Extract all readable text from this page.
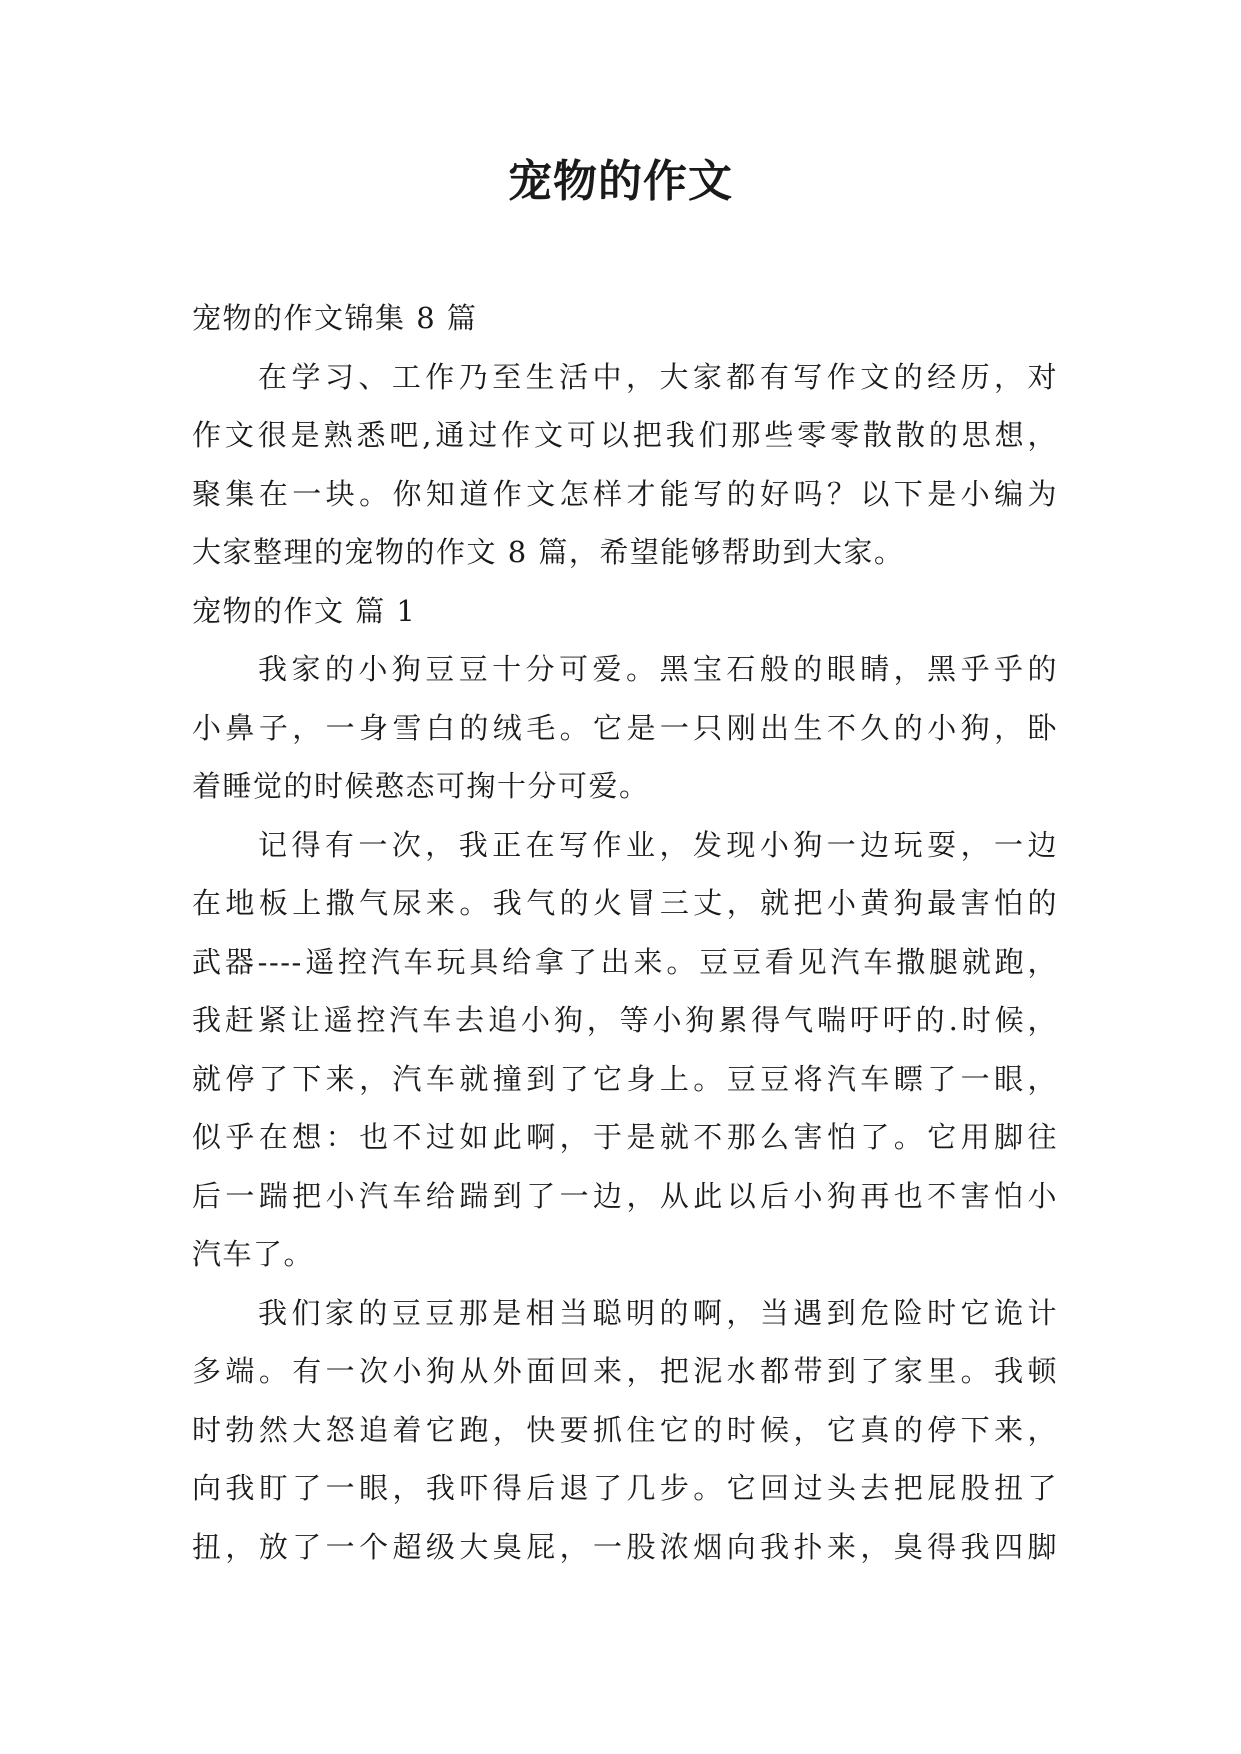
宠物的作文

宠物的作文锦集 8 篇

在学习、工作乃至生活中，大家都有写作文的经历，对

作文很是熟悉吧,通过作文可以把我们那些零零散散的思想，

聚集在一块。你知道作文怎样才能写的好吗？以下是小编为

大家整理的宠物的作文 8 篇，希望能够帮助到大家。

宠物的作文 篇 1

我家的小狗豆豆十分可爱。黑宝石般的眼睛，黑乎乎的

小鼻子，一身雪白的绒毛。它是一只刚出生不久的小狗，卧

着睡觉的时候憨态可掬十分可爱。

记得有一次，我正在写作业，发现小狗一边玩耍，一边

在地板上撒气尿来。我气的火冒三丈，就把小黄狗最害怕的

武器----遥控汽车玩具给拿了出来。豆豆看见汽车撒腿就跑，

我赶紧让遥控汽车去追小狗，等小狗累得气喘吁吁的.时候，

就停了下来，汽车就撞到了它身上。豆豆将汽车瞟了一眼，

似乎在想：也不过如此啊，于是就不那么害怕了。它用脚往

后一踹把小汽车给踹到了一边，从此以后小狗再也不害怕小

汽车了。

我们家的豆豆那是相当聪明的啊，当遇到危险时它诡计

多端。有一次小狗从外面回来，把泥水都带到了家里。我顿

时勃然大怒追着它跑，快要抓住它的时候，它真的停下来，

向我盯了一眼，我吓得后退了几步。它回过头去把屁股扭了

扭，放了一个超级大臭屁，一股浓烟向我扑来，臭得我四脚
